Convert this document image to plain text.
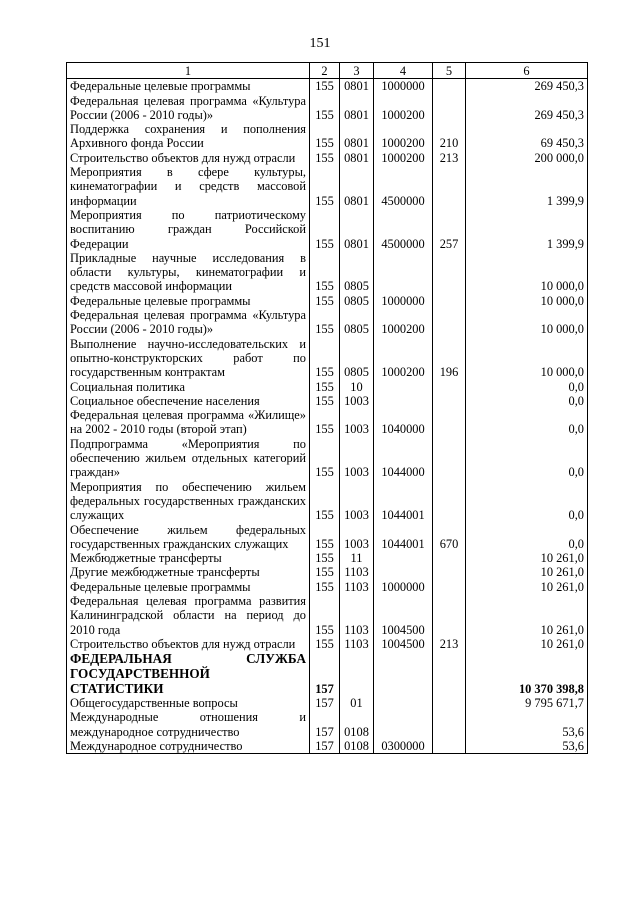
151
1	2	3	4	5	6
Федеральные целевые программы	155	0801	1000000		269 450,3
Федеральная целевая программа «Культура России (2006 - 2010 годы)»	155	0801	1000200		269 450,3
Поддержка сохранения и пополнения Архивного фонда России	155	0801	1000200	210	69 450,3
Строительство объектов для нужд отрасли	155	0801	1000200	213	200 000,0
Мероприятия в сфере культуры, кинематографии и средств массовой информации	155	0801	4500000		1 399,9
Мероприятия по патриотическому воспитанию граждан Российской Федерации	155	0801	4500000	257	1 399,9
Прикладные научные исследования в области культуры, кинематографии и средств массовой информации	155	0805			10 000,0
Федеральные целевые программы	155	0805	1000000		10 000,0
Федеральная целевая программа «Культура России (2006 - 2010 годы)»	155	0805	1000200		10 000,0
Выполнение научно-исследовательских и опытно-конструкторских работ по государственным контрактам	155	0805	1000200	196	10 000,0
Социальная политика	155	10			0,0
Социальное обеспечение населения	155	1003			0,0
Федеральная целевая программа «Жилище» на 2002 - 2010 годы (второй этап)	155	1003	1040000		0,0
Подпрограмма «Мероприятия по обеспечению жильем отдельных категорий граждан»	155	1003	1044000		0,0
Мероприятия по обеспечению жильем федеральных государственных гражданских служащих	155	1003	1044001		0,0
Обеспечение жильем федеральных государственных гражданских служащих	155	1003	1044001	670	0,0
Межбюджетные трансферты	155	11			10 261,0
Другие межбюджетные трансферты	155	1103			10 261,0
Федеральные целевые программы	155	1103	1000000		10 261,0
Федеральная целевая программа развития Калининградской области на период до 2010 года	155	1103	1004500		10 261,0
Строительство объектов для нужд отрасли	155	1103	1004500	213	10 261,0
ФЕДЕРАЛЬНАЯ СЛУЖБА ГОСУДАРСТВЕННОЙ СТАТИСТИКИ	157				10 370 398,8
Общегосударственные вопросы	157	01			9 795 671,7
Международные отношения и международное сотрудничество	157	0108			53,6
Международное сотрудничество	157	0108	0300000		53,6
